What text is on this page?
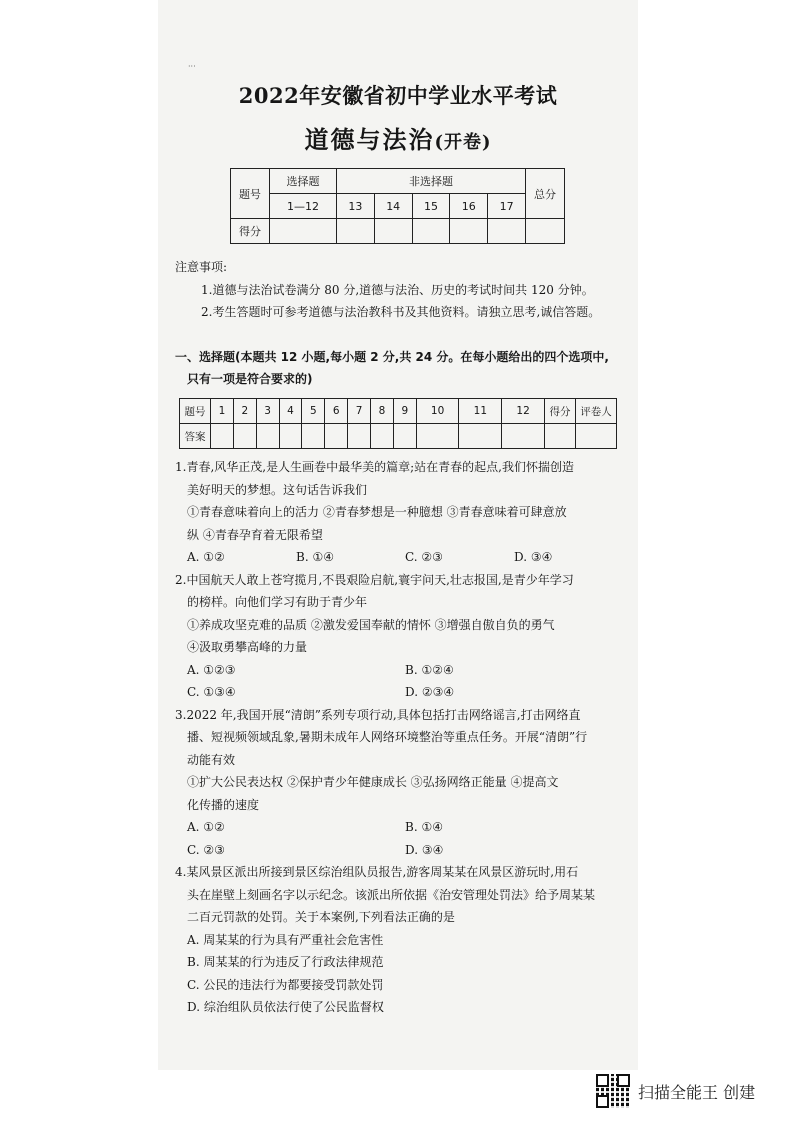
···
2022年安徽省初中学业水平考试
道德与法治(开卷)
题号	选择题	非选择题					总分
	1—12	13	14	15	16	17	
得分							
注意事项:
1.道德与法治试卷满分 80 分,道德与法治、历史的考试时间共 120 分钟。
2.考生答题时可参考道德与法治教科书及其他资料。请独立思考,诚信答题。
一、选择题(本题共 12 小题,每小题 2 分,共 24 分。在每小题给出的四个选项中,
只有一项是符合要求的)
题号	1	2	3	4	5	6	7	8	9	10	11	12	得分	评卷人
答案														
1.青春,风华正茂,是人生画卷中最华美的篇章;站在青春的起点,我们怀揣创造
美好明天的梦想。这句话告诉我们
①青春意味着向上的活力 ②青春梦想是一种臆想 ③青春意味着可肆意放
纵 ④青春孕育着无限希望
A. ①②	B. ①④	C. ②③	D. ③④
2.中国航天人敢上苍穹揽月,不畏艰险启航,寰宇问天,壮志报国,是青少年学习
的榜样。向他们学习有助于青少年
①养成攻坚克难的品质 ②激发爱国奉献的情怀 ③增强自傲自负的勇气
④汲取勇攀高峰的力量
A. ①②③	B. ①②④
C. ①③④	D. ②③④
3.2022 年,我国开展“清朗”系列专项行动,具体包括打击网络谣言,打击网络直
播、短视频领域乱象,暑期未成年人网络环境整治等重点任务。开展“清朗”行
动能有效
①扩大公民表达权 ②保护青少年健康成长 ③弘扬网络正能量 ④提高文
化传播的速度
A. ①②	B. ①④
C. ②③	D. ③④
4.某风景区派出所接到景区综治组队员报告,游客周某某在风景区游玩时,用石
头在崖壁上刻画名字以示纪念。该派出所依据《治安管理处罚法》给予周某某
二百元罚款的处罚。关于本案例,下列看法正确的是
A. 周某某的行为具有严重社会危害性
B. 周某某的行为违反了行政法律规范
C. 公民的违法行为都要接受罚款处罚
D. 综治组队员依法行使了公民监督权
扫描全能王 创建
